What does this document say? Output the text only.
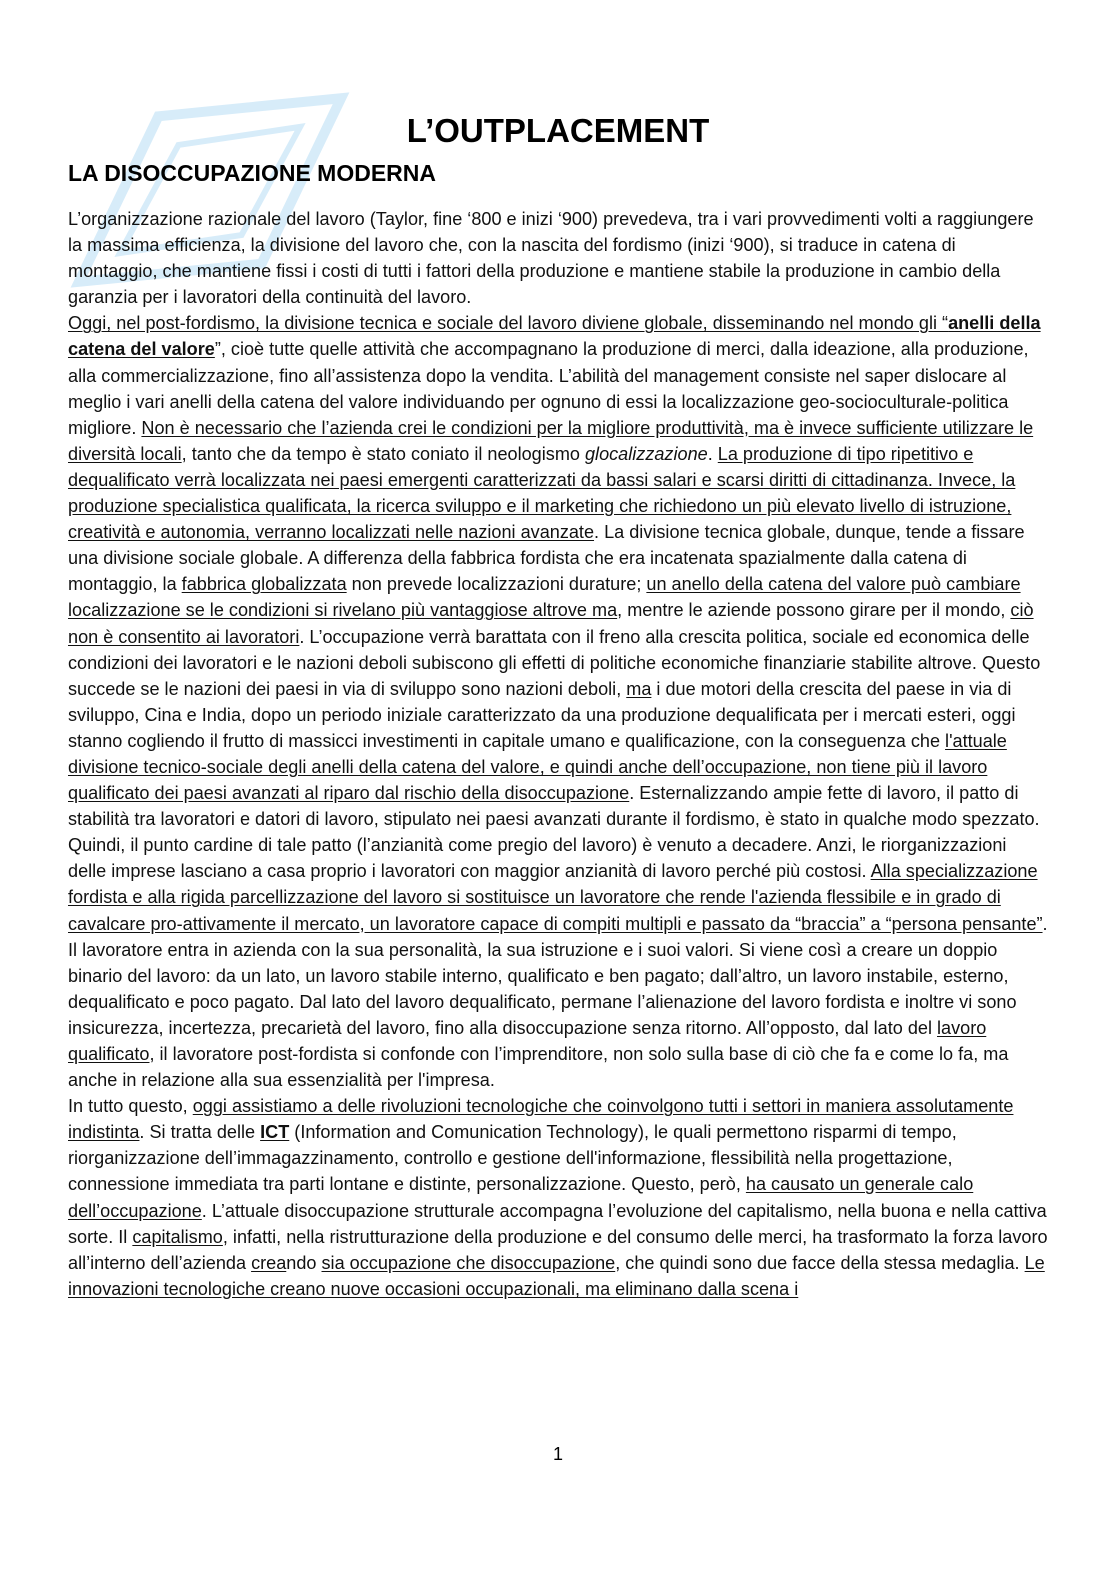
L’OUTPLACEMENT
LA DISOCCUPAZIONE MODERNA

L’organizzazione razionale del lavoro (Taylor, fine ‘800 e inizi ‘900) prevedeva, tra i vari provvedimenti volti a raggiungere la massima efficienza, la divisione del lavoro che, con la nascita del fordismo (inizi ‘900), si traduce in catena di montaggio, che mantiene fissi i costi di tutti i fattori della produzione e mantiene stabile la produzione in cambio della garanzia per i lavoratori della continuità del lavoro.

Oggi, nel post-fordismo, la divisione tecnica e sociale del lavoro diviene globale, disseminando nel mondo gli “anelli della catena del valore”, cioè tutte quelle attività che accompagnano la produzione di merci, dalla ideazione, alla produzione, alla commercializzazione, fino all’assistenza dopo la vendita. L’abilità del management consiste nel saper dislocare al meglio i vari anelli della catena del valore individuando per ognuno di essi la localizzazione geo-socioculturale-politica migliore. Non è necessario che l’azienda crei le condizioni per la migliore produttività, ma è invece sufficiente utilizzare le diversità locali, tanto che da tempo è stato coniato il neologismo glocalizzazione. La produzione di tipo ripetitivo e dequalificato verrà localizzata nei paesi emergenti caratterizzati da bassi salari e scarsi diritti di cittadinanza. Invece, la produzione specialistica qualificata, la ricerca sviluppo e il marketing che richiedono un più elevato livello di istruzione, creatività e autonomia, verranno localizzati nelle nazioni avanzate. La divisione tecnica globale, dunque, tende a fissare una divisione sociale globale. A differenza della fabbrica fordista che era incatenata spazialmente dalla catena di montaggio, la fabbrica globalizzata non prevede localizzazioni durature; un anello della catena del valore può cambiare localizzazione se le condizioni si rivelano più vantaggiose altrove ma, mentre le aziende possono girare per il mondo, ciò non è consentito ai lavoratori. L’occupazione verrà barattata con il freno alla crescita politica, sociale ed economica delle condizioni dei lavoratori e le nazioni deboli subiscono gli effetti di politiche economiche finanziarie stabilite altrove. Questo succede se le nazioni dei paesi in via di sviluppo sono nazioni deboli, ma i due motori della crescita del paese in via di sviluppo, Cina e India, dopo un periodo iniziale caratterizzato da una produzione dequalificata per i mercati esteri, oggi stanno cogliendo il frutto di massicci investimenti in capitale umano e qualificazione, con la conseguenza che l'attuale divisione tecnico-sociale degli anelli della catena del valore, e quindi anche dell’occupazione, non tiene più il lavoro qualificato dei paesi avanzati al riparo dal rischio della disoccupazione. Esternalizzando ampie fette di lavoro, il patto di stabilità tra lavoratori e datori di lavoro, stipulato nei paesi avanzati durante il fordismo, è stato in qualche modo spezzato. Quindi, il punto cardine di tale patto (l’anzianità come pregio del lavoro) è venuto a decadere. Anzi, le riorganizzazioni delle imprese lasciano a casa proprio i lavoratori con maggior anzianità di lavoro perché più costosi. Alla specializzazione fordista e alla rigida parcellizzazione del lavoro si sostituisce un lavoratore che rende l'azienda flessibile e in grado di cavalcare pro-attivamente il mercato, un lavoratore capace di compiti multipli e passato da “braccia” a “persona pensante”. Il lavoratore entra in azienda con la sua personalità, la sua istruzione e i suoi valori. Si viene così a creare un doppio binario del lavoro: da un lato, un lavoro stabile interno, qualificato e ben pagato; dall’altro, un lavoro instabile, esterno, dequalificato e poco pagato. Dal lato del lavoro dequalificato, permane l’alienazione del lavoro fordista e inoltre vi sono insicurezza, incertezza, precarietà del lavoro, fino alla disoccupazione senza ritorno. All’opposto, dal lato del lavoro qualificato, il lavoratore post-fordista si confonde con l’imprenditore, non solo sulla base di ciò che fa e come lo fa, ma anche in relazione alla sua essenzialità per l'impresa.

In tutto questo, oggi assistiamo a delle rivoluzioni tecnologiche che coinvolgono tutti i settori in maniera assolutamente indistinta. Si tratta delle ICT (Information and Comunication Technology), le quali permettono risparmi di tempo, riorganizzazione dell’immagazzinamento, controllo e gestione dell'informazione, flessibilità nella progettazione, connessione immediata tra parti lontane e distinte, personalizzazione. Questo, però, ha causato un generale calo dell’occupazione. L’attuale disoccupazione strutturale accompagna l’evoluzione del capitalismo, nella buona e nella cattiva sorte. Il capitalismo, infatti, nella ristrutturazione della produzione e del consumo delle merci, ha trasformato la forza lavoro all’interno dell’azienda creando sia occupazione che disoccupazione, che quindi sono due facce della stessa medaglia. Le innovazioni tecnologiche creano nuove occasioni occupazionali, ma eliminano dalla scena i

1
